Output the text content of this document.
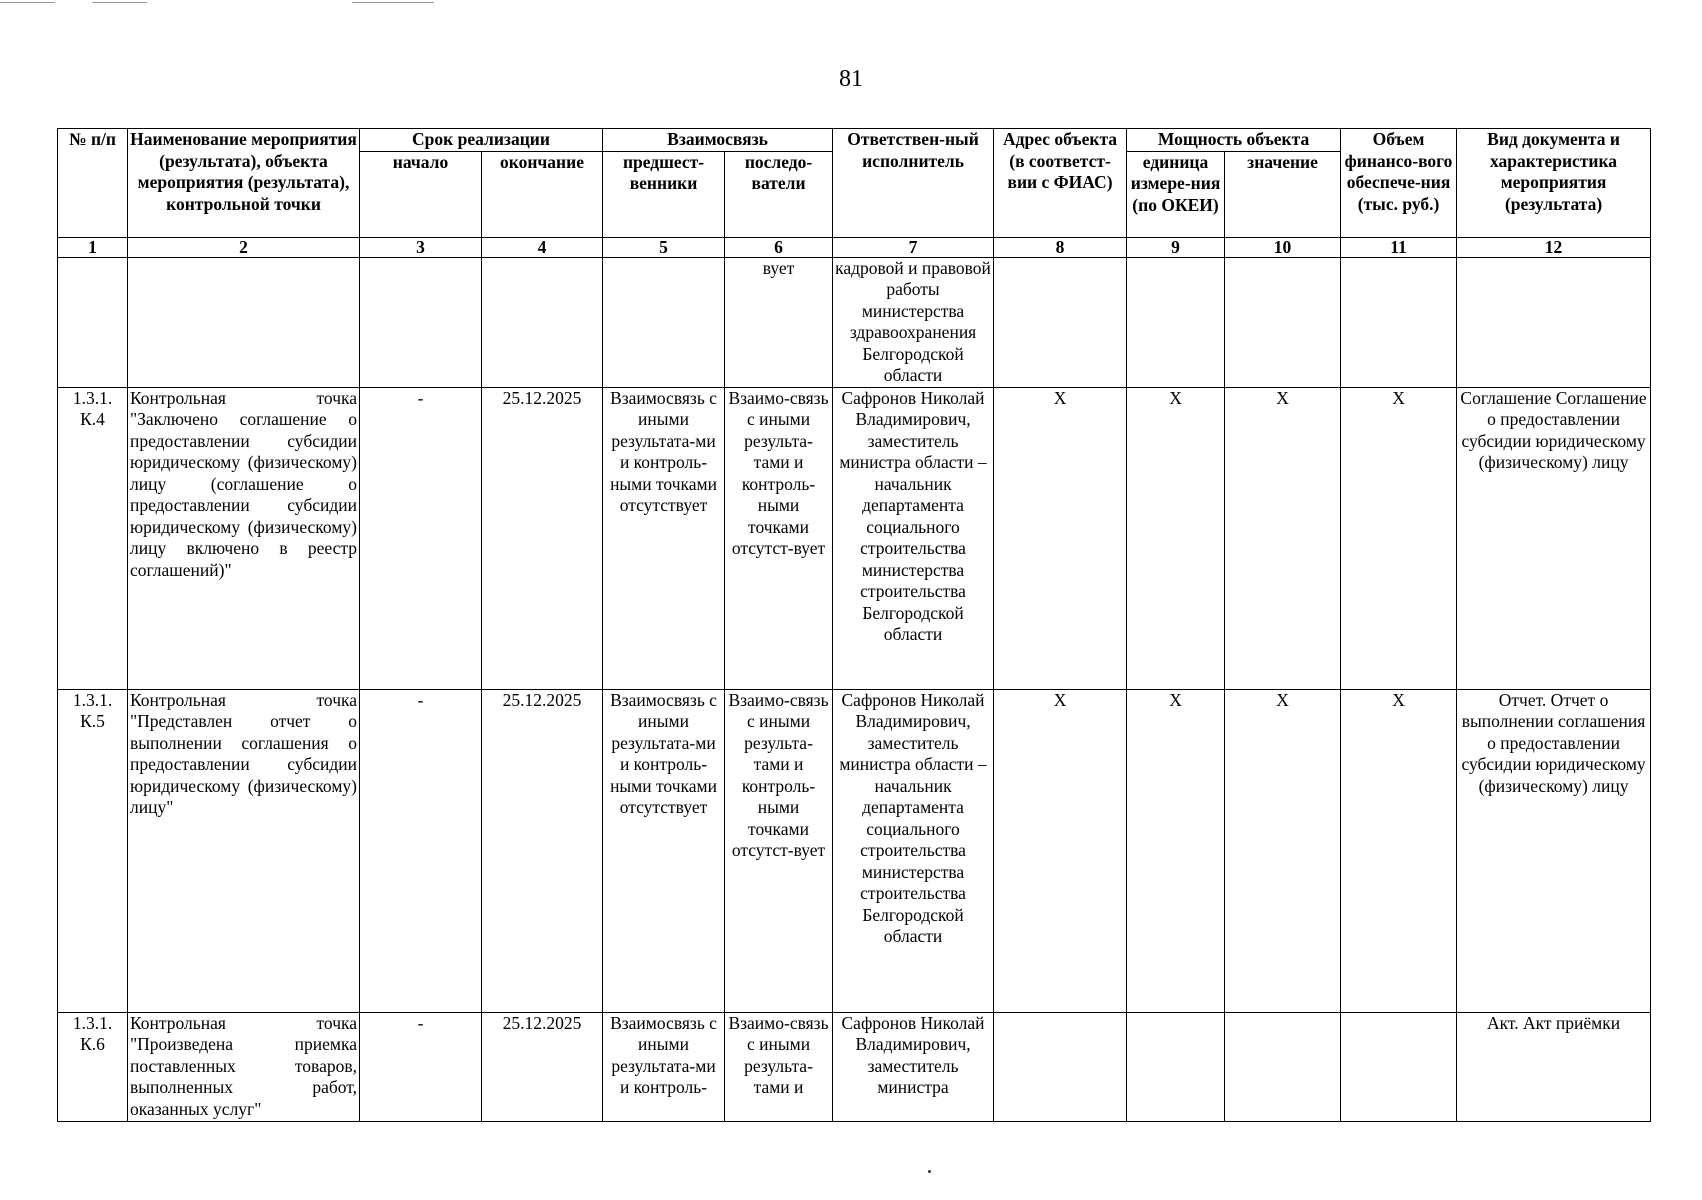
81
№ п/п	Наименование мероприятия (результата), объекта мероприятия (результата), контрольной точки	Срок реализации		Взаимосвязь		Ответствен-ный исполнитель	Адрес объекта (в соответст-вии с ФИАС)	Мощность объекта		Объем финансо-вого обеспече-ния (тыс. руб.)	Вид документа и характеристика мероприятия (результата)
		начало	окончание	предшест-венники	последо-ватели			единица измере-ния (по ОКЕИ)	значение		
1	2	3	4	5	6	7	8	9	10	11	12
					вует	кадровой и правовой работы министерства здравоохранения Белгородской области					
1.3.1. К.4	Контрольная точка "Заключено соглашение о предоставлении субсидии юридическому (физическому) лицу (соглашение о предоставлении субсидии юридическому (физическому) лицу включено в реестр соглашений)"	-	25.12.2025	Взаимосвязь с иными результата-ми и контроль-ными точками отсутствует	Взаимо-связь с иными результа-тами и контроль-ными точками отсутст-вует	Сафронов Николай Владимирович, заместитель министра области – начальник департамента социального строительства министерства строительства Белгородской области	X	X	X	X	Соглашение Соглашение о предоставлении субсидии юридическому (физическому) лицу
1.3.1. К.5	Контрольная точка "Представлен отчет о выполнении соглашения о предоставлении субсидии юридическому (физическому) лицу"	-	25.12.2025	Взаимосвязь с иными результата-ми и контроль-ными точками отсутствует	Взаимо-связь с иными результа-тами и контроль-ными точками отсутст-вует	Сафронов Николай Владимирович, заместитель министра области – начальник департамента социального строительства министерства строительства Белгородской области	X	X	X	X	Отчет. Отчет о выполнении соглашения о предоставлении субсидии юридическому (физическому) лицу
1.3.1. К.6	Контрольная точка "Произведена приемка поставленных товаров, выполненных работ, оказанных услуг"	-	25.12.2025	Взаимосвязь с иными результата-ми и контроль-	Взаимо-связь с иными результа-тами и	Сафронов Николай Владимирович, заместитель министра					Акт. Акт приёмки
